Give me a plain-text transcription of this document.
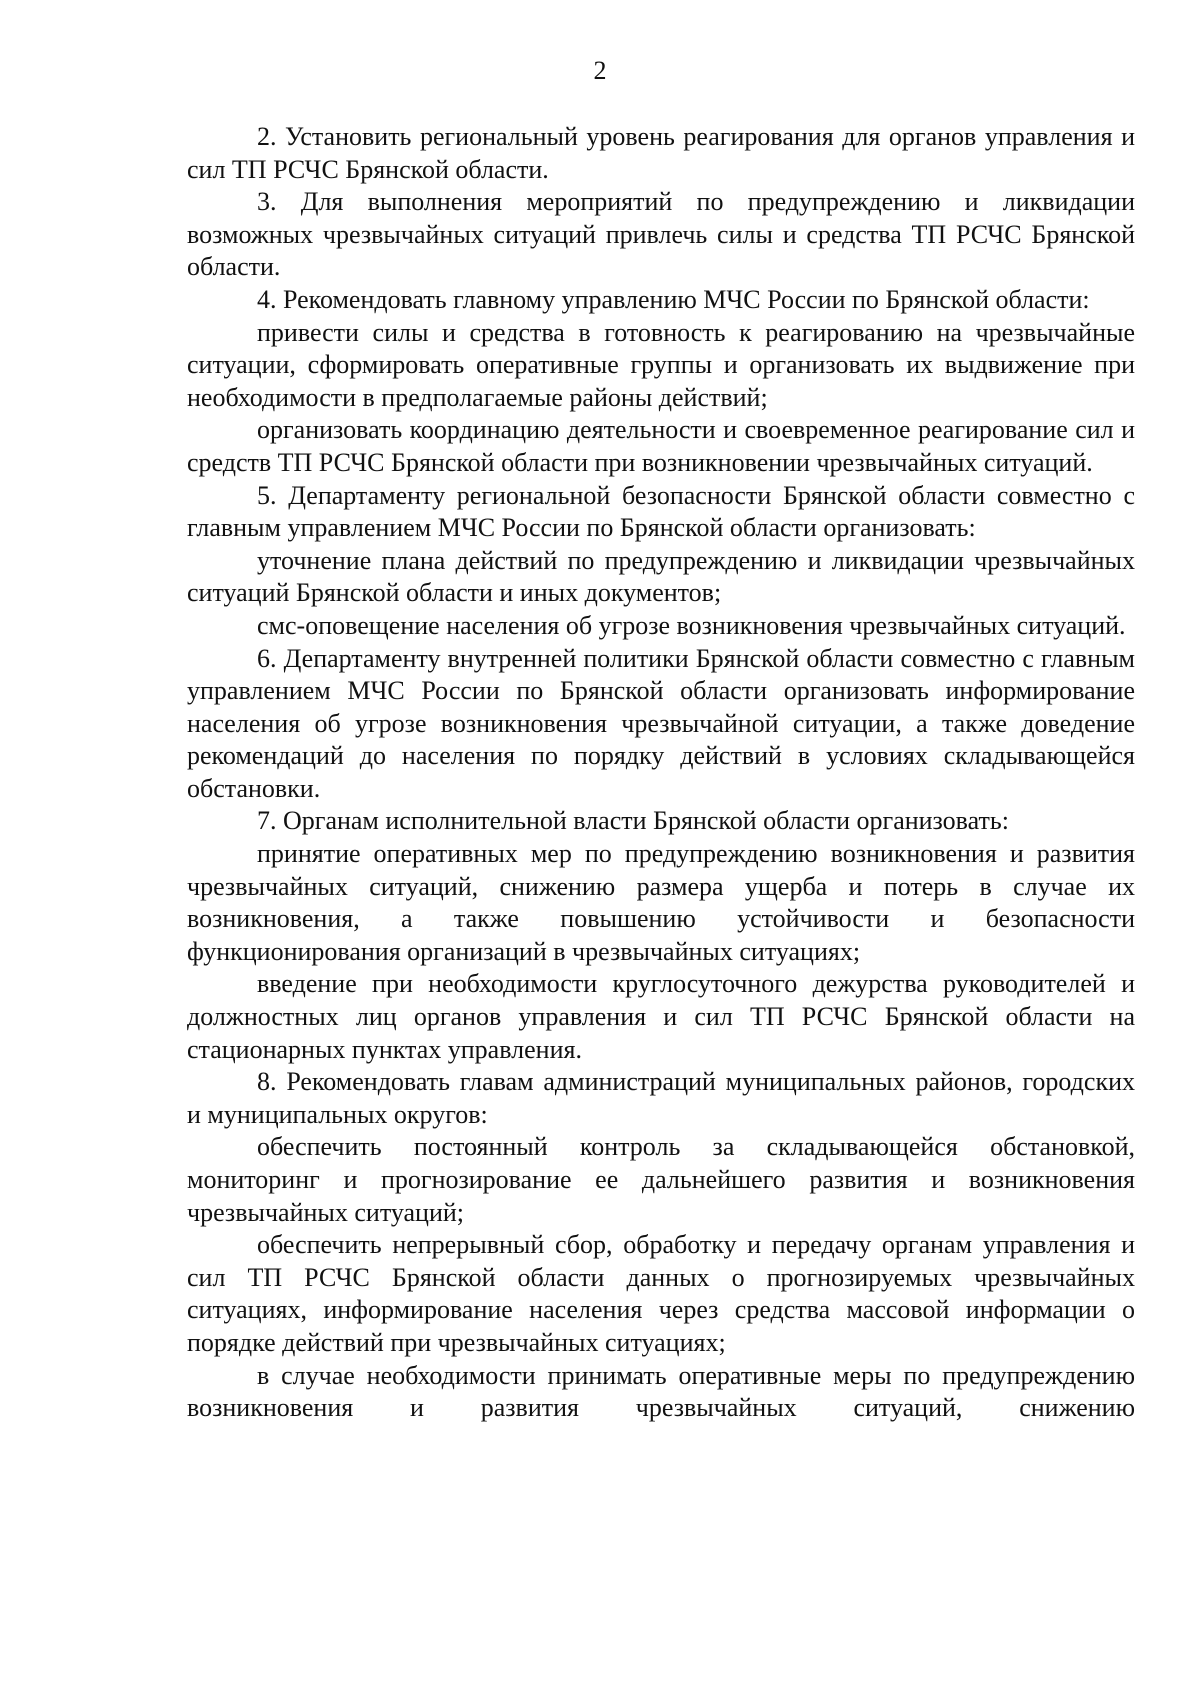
2

2. Установить региональный уровень реагирования для органов управления и сил ТП РСЧС Брянской области.

3. Для выполнения мероприятий по предупреждению и ликвидации возможных чрезвычайных ситуаций привлечь силы и средства ТП РСЧС Брянской области.

4. Рекомендовать главному управлению МЧС России по Брянской области:

привести силы и средства в готовность к реагированию на чрезвычайные ситуации, сформировать оперативные группы и организовать их выдвижение при необходимости в предполагаемые районы действий;

организовать координацию деятельности и своевременное реагирование сил и средств ТП РСЧС Брянской области при возникновении чрезвычайных ситуаций.

5. Департаменту региональной безопасности Брянской области совместно с главным управлением МЧС России по Брянской области организовать:

уточнение плана действий по предупреждению и ликвидации чрезвычайных ситуаций Брянской области и иных документов;

смс-оповещение населения об угрозе возникновения чрезвычайных ситуаций.

6. Департаменту внутренней политики Брянской области совместно с главным управлением МЧС России по Брянской области организовать информирование населения об угрозе возникновения чрезвычайной ситуации, а также доведение рекомендаций до населения по порядку действий в условиях складывающейся обстановки.

7. Органам исполнительной власти Брянской области организовать:

принятие оперативных мер по предупреждению возникновения и развития чрезвычайных ситуаций, снижению размера ущерба и потерь в случае их возникновения, а также повышению устойчивости и безопасности функционирования организаций в чрезвычайных ситуациях;

введение при необходимости круглосуточного дежурства руководителей и должностных лиц органов управления и сил ТП РСЧС Брянской области на стационарных пунктах управления.

8. Рекомендовать главам администраций муниципальных районов, городских и муниципальных округов:

обеспечить постоянный контроль за складывающейся обстановкой, мониторинг и прогнозирование ее дальнейшего развития и возникновения чрезвычайных ситуаций;

обеспечить непрерывный сбор, обработку и передачу органам управления и сил ТП РСЧС Брянской области данных о прогнозируемых чрезвычайных ситуациях, информирование населения через средства массовой информации о порядке действий при чрезвычайных ситуациях;

в случае необходимости принимать оперативные меры по предупреждению возникновения и развития чрезвычайных ситуаций, снижению
